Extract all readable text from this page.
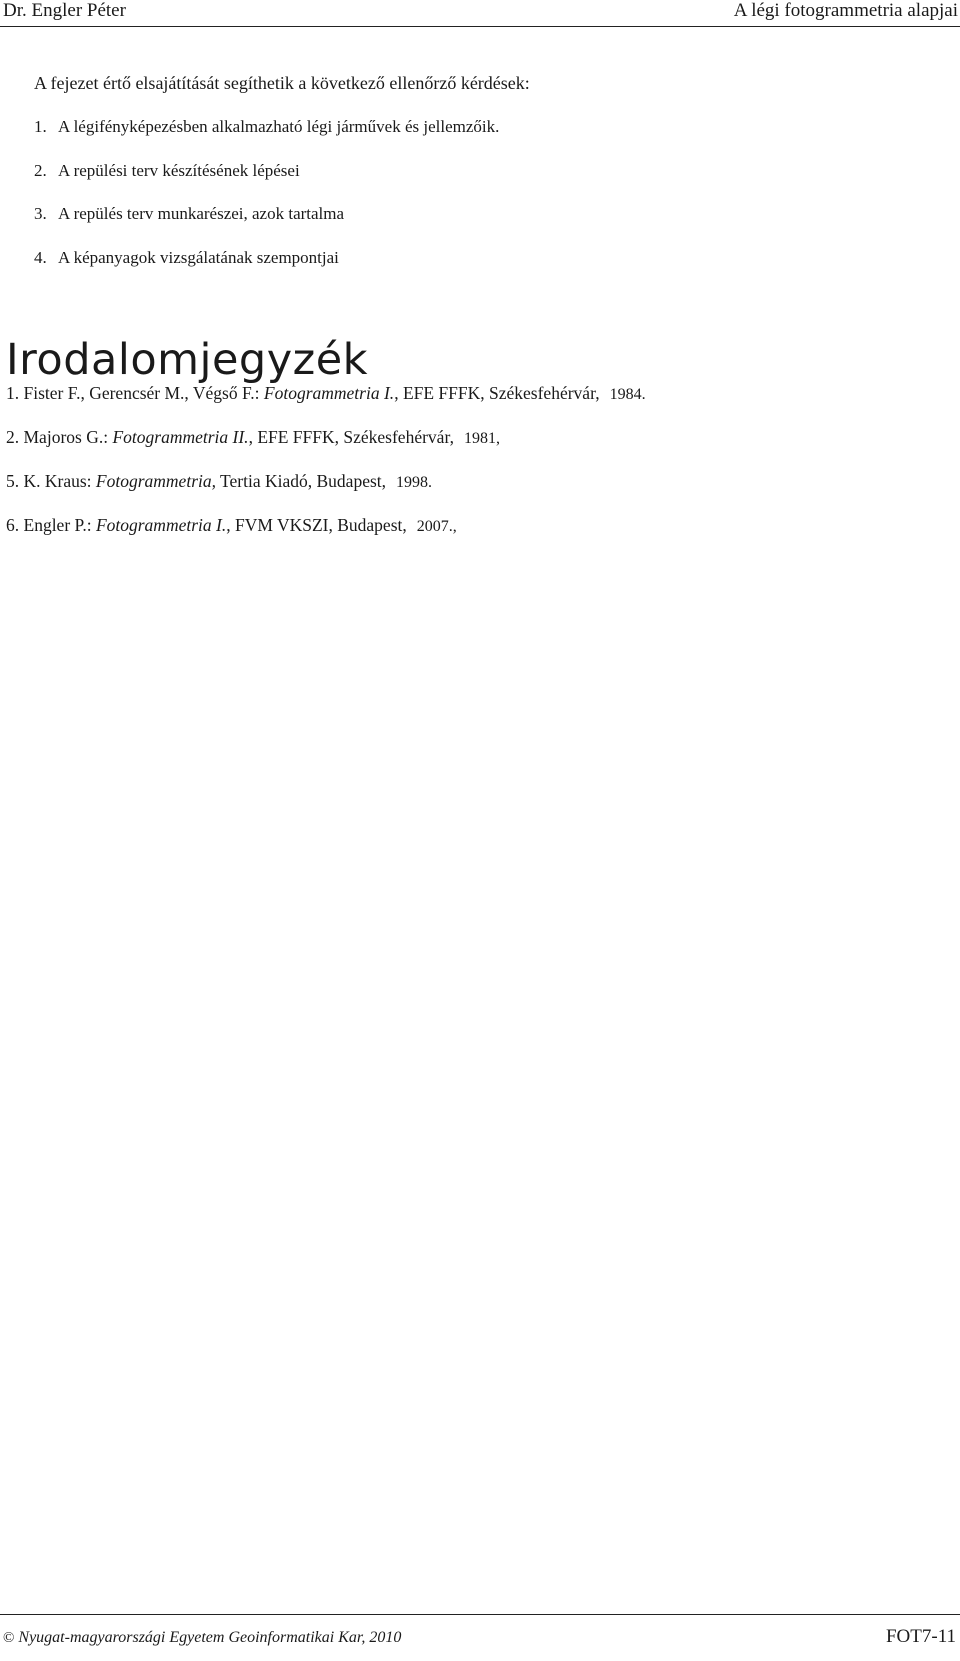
Dr. Engler Péter	A légi fotogrammetria alapjai
A fejezet értő elsajátítását segíthetik a következő ellenőrző kérdések:
1. A légifényképezésben alkalmazható légi járművek és jellemzőik.
2. A repülési terv készítésének lépései
3. A repülés terv munkarészei, azok tartalma
4. A képanyagok vizsgálatának szempontjai
Irodalomjegyzék
1. Fister F., Gerencsér M., Végső F.: Fotogrammetria I., EFE FFFK, Székesfehérvár, 1984.
2. Majoros G.: Fotogrammetria II., EFE FFFK, Székesfehérvár, 1981,
5. K. Kraus: Fotogrammetria, Tertia Kiadó, Budapest, 1998.
6. Engler P.: Fotogrammetria I., FVM VKSZI, Budapest, 2007.,
© Nyugat-magyarországi Egyetem Geoinformatikai Kar, 2010	FOT7-11
